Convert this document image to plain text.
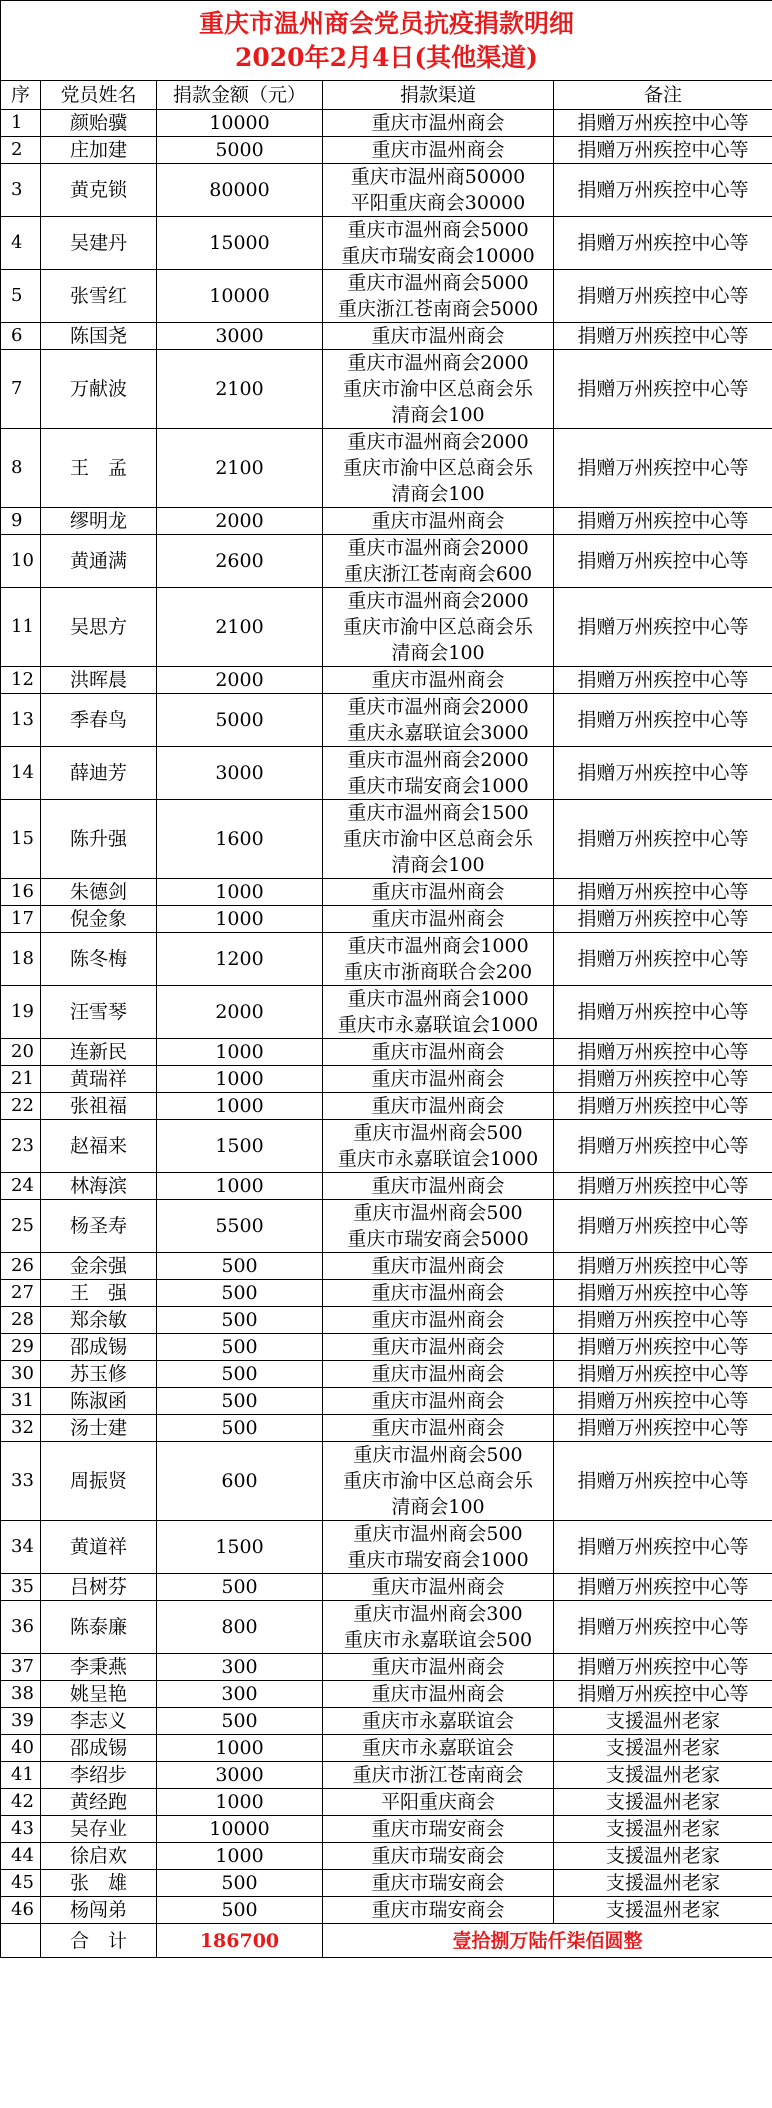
重庆市温州商会党员抗疫捐款明细
2020年2月4日(其他渠道)				

序	党员姓名	捐款金额（元）	捐款渠道	备注
1	颜贻骥	10000	重庆市温州商会	捐赠万州疾控中心等
2	庄加建	5000	重庆市温州商会	捐赠万州疾控中心等
3	黄克锁	80000	重庆市温州商50000
平阳重庆商会30000	捐赠万州疾控中心等
4	吴建丹	15000	重庆市温州商会5000
重庆市瑞安商会10000	捐赠万州疾控中心等
5	张雪红	10000	重庆市温州商会5000
重庆浙江苍南商会5000	捐赠万州疾控中心等
6	陈国尧	3000	重庆市温州商会	捐赠万州疾控中心等
7	万献波	2100	重庆市温州商会2000
重庆市渝中区总商会乐
清商会100	捐赠万州疾控中心等
8	王　孟	2100	重庆市温州商会2000
重庆市渝中区总商会乐
清商会100	捐赠万州疾控中心等
9	缪明龙	2000	重庆市温州商会	捐赠万州疾控中心等
10	黄通满	2600	重庆市温州商会2000
重庆浙江苍南商会600	捐赠万州疾控中心等
11	吴思方	2100	重庆市温州商会2000
重庆市渝中区总商会乐
清商会100	捐赠万州疾控中心等
12	洪晖晨	2000	重庆市温州商会	捐赠万州疾控中心等
13	季春鸟	5000	重庆市温州商会2000
重庆永嘉联谊会3000	捐赠万州疾控中心等
14	薛迪芳	3000	重庆市温州商会2000
重庆市瑞安商会1000	捐赠万州疾控中心等
15	陈升强	1600	重庆市温州商会1500
重庆市渝中区总商会乐
清商会100	捐赠万州疾控中心等
16	朱德剑	1000	重庆市温州商会	捐赠万州疾控中心等
17	倪金象	1000	重庆市温州商会	捐赠万州疾控中心等
18	陈冬梅	1200	重庆市温州商会1000
重庆市浙商联合会200	捐赠万州疾控中心等
19	汪雪琴	2000	重庆市温州商会1000
重庆市永嘉联谊会1000	捐赠万州疾控中心等
20	连新民	1000	重庆市温州商会	捐赠万州疾控中心等
21	黄瑞祥	1000	重庆市温州商会	捐赠万州疾控中心等
22	张祖福	1000	重庆市温州商会	捐赠万州疾控中心等
23	赵福来	1500	重庆市温州商会500
重庆市永嘉联谊会1000	捐赠万州疾控中心等
24	林海滨	1000	重庆市温州商会	捐赠万州疾控中心等
25	杨圣寿	5500	重庆市温州商会500
重庆市瑞安商会5000	捐赠万州疾控中心等
26	金余强	500	重庆市温州商会	捐赠万州疾控中心等
27	王　强	500	重庆市温州商会	捐赠万州疾控中心等
28	郑余敏	500	重庆市温州商会	捐赠万州疾控中心等
29	邵成锡	500	重庆市温州商会	捐赠万州疾控中心等
30	苏玉修	500	重庆市温州商会	捐赠万州疾控中心等
31	陈淑函	500	重庆市温州商会	捐赠万州疾控中心等
32	汤士建	500	重庆市温州商会	捐赠万州疾控中心等
33	周振贤	600	重庆市温州商会500
重庆市渝中区总商会乐
清商会100	捐赠万州疾控中心等
34	黄道祥	1500	重庆市温州商会500
重庆市瑞安商会1000	捐赠万州疾控中心等
35	吕树芬	500	重庆市温州商会	捐赠万州疾控中心等
36	陈泰廉	800	重庆市温州商会300
重庆市永嘉联谊会500	捐赠万州疾控中心等
37	李秉燕	300	重庆市温州商会	捐赠万州疾控中心等
38	姚呈艳	300	重庆市温州商会	捐赠万州疾控中心等
39	李志义	500	重庆市永嘉联谊会	支援温州老家
40	邵成锡	1000	重庆市永嘉联谊会	支援温州老家
41	李绍步	3000	重庆市浙江苍南商会	支援温州老家
42	黄经跑	1000	平阳重庆商会	支援温州老家
43	吴存业	10000	重庆市瑞安商会	支援温州老家
44	徐启欢	1000	重庆市瑞安商会	支援温州老家
45	张　雄	500	重庆市瑞安商会	支援温州老家
46	杨闯弟	500	重庆市瑞安商会	支援温州老家
	合　计	186700	壹拾捌万陆仟柒佰圆整	
